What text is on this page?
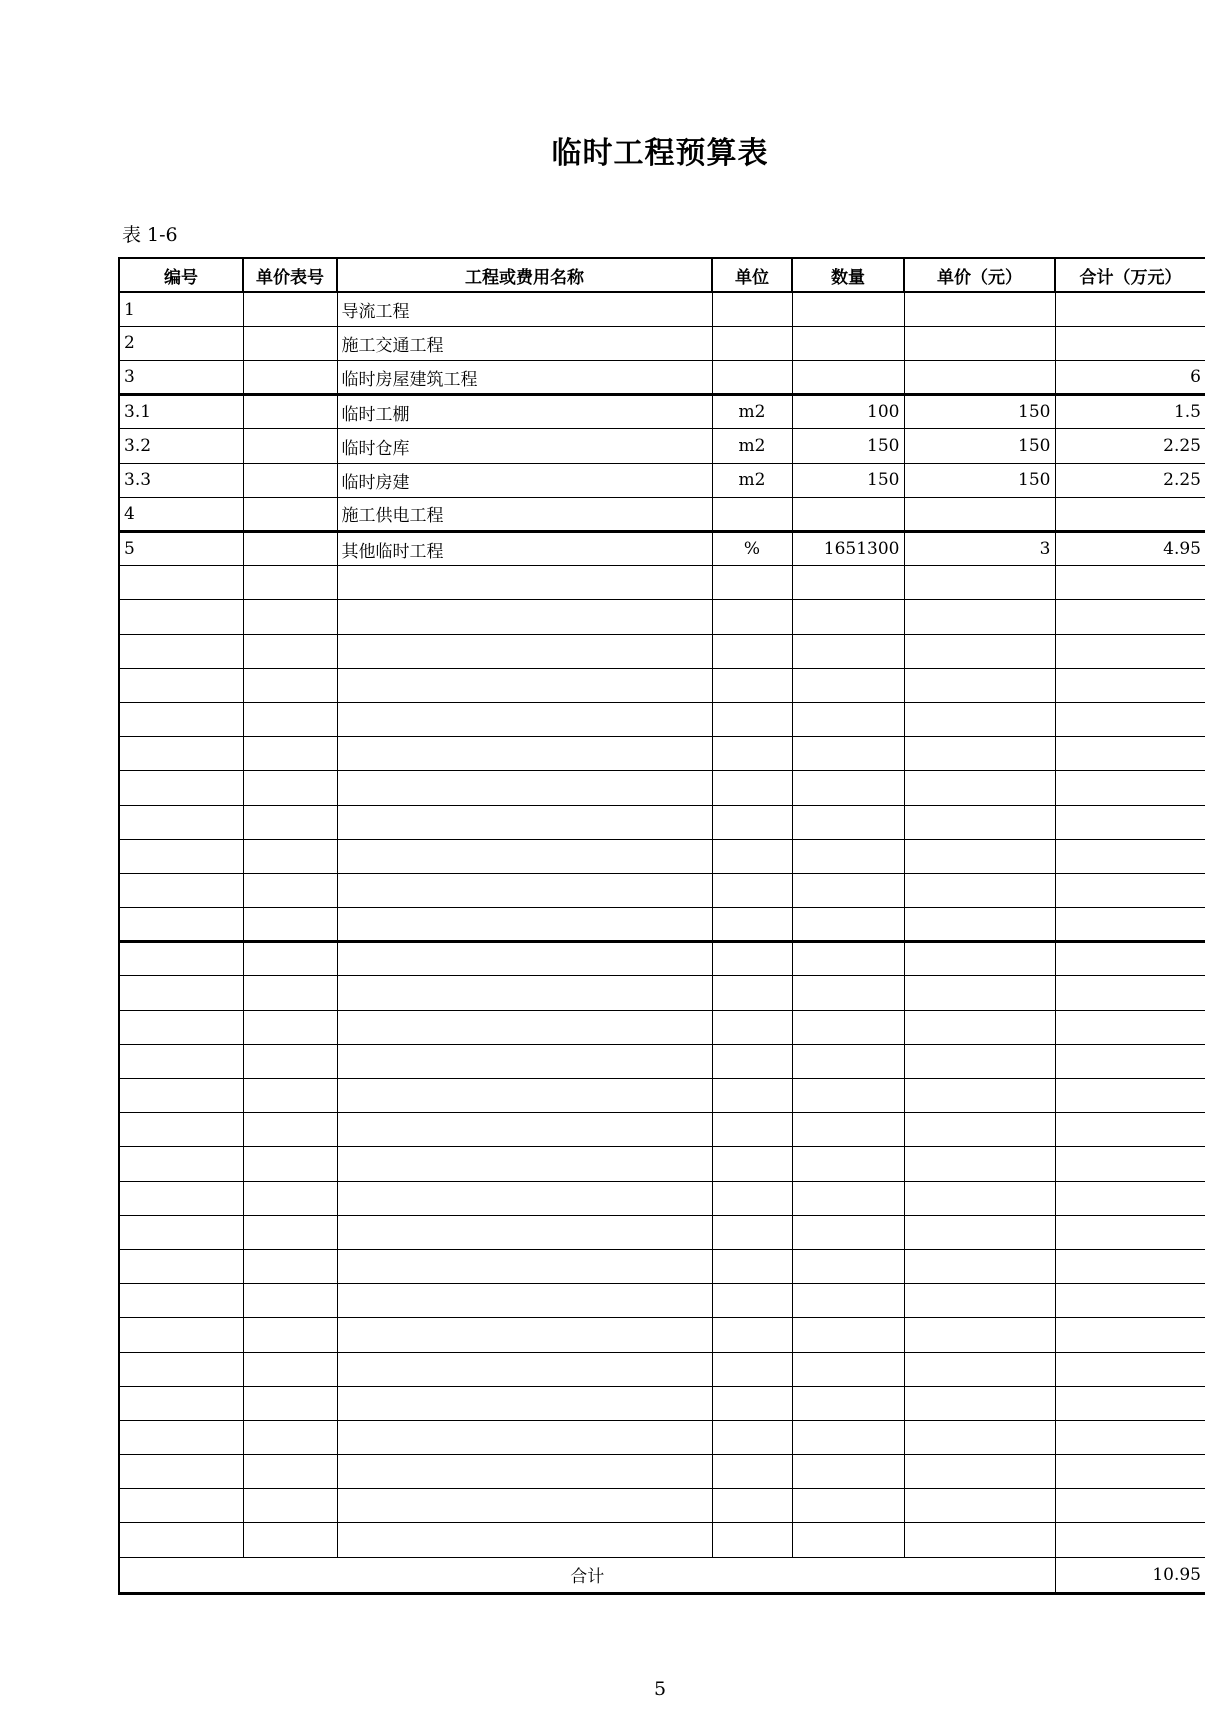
临时工程预算表
表 1-6
编号	单价表号	工程或费用名称	单位	数量	单价（元）	合计（万元）
1		导流工程				
2		施工交通工程				
3		临时房屋建筑工程				6
3.1		临时工棚	m2	100	150	1.5
3.2		临时仓库	m2	150	150	2.25
3.3		临时房建	m2	150	150	2.25
4		施工供电工程				
5		其他临时工程	%	1651300	3	4.95

合计						10.95
5
